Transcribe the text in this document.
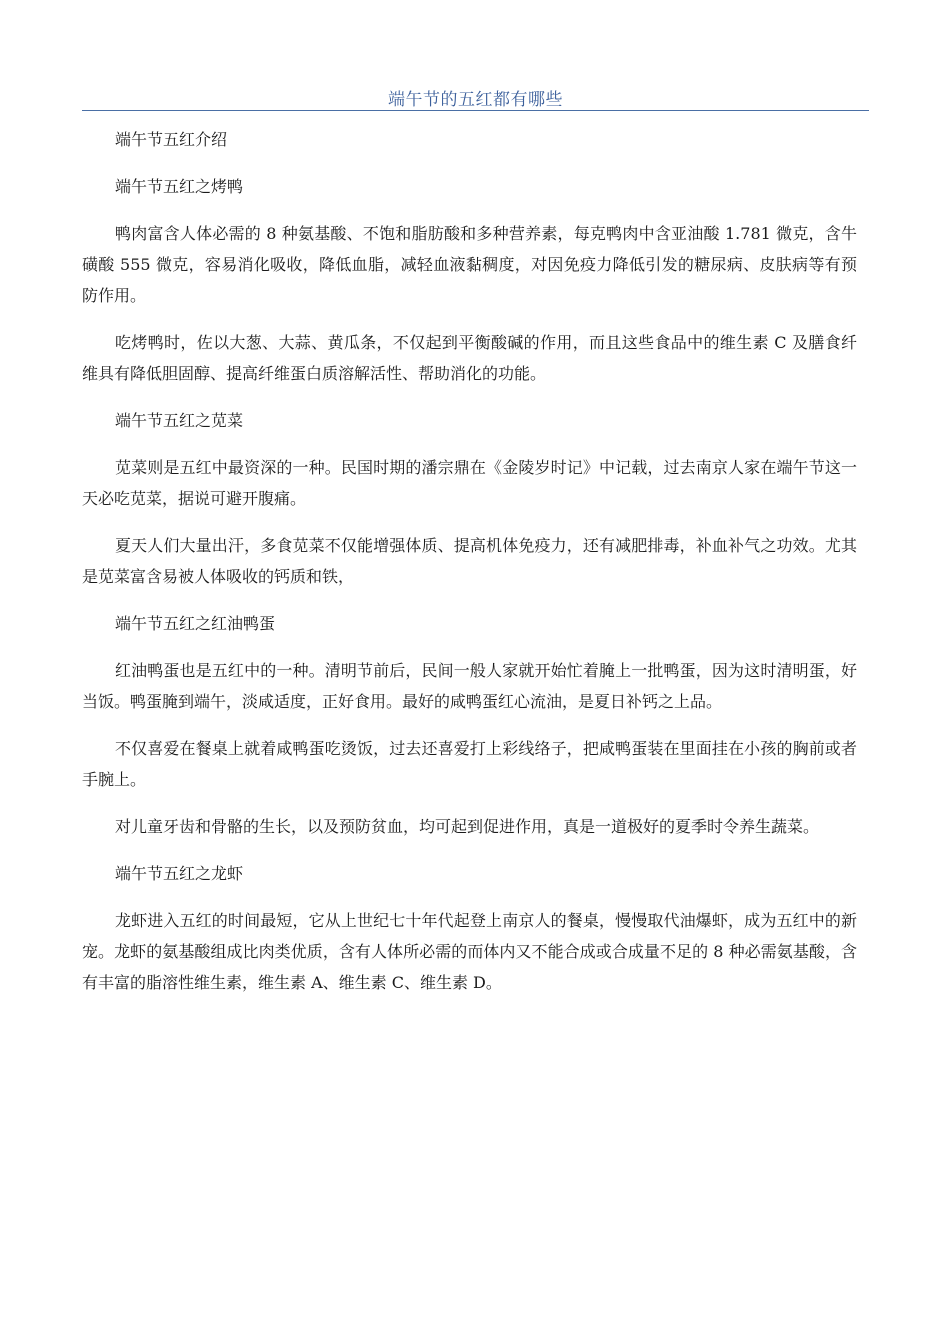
端午节的五红都有哪些

端午节五红介绍

端午节五红之烤鸭

鸭肉富含人体必需的 8 种氨基酸、不饱和脂肪酸和多种营养素，每克鸭肉中含亚油酸 1.781 微克，含牛磺酸 555 微克，容易消化吸收，降低血脂，减轻血液黏稠度，对因免疫力降低引发的糖尿病、皮肤病等有预防作用。

吃烤鸭时，佐以大葱、大蒜、黄瓜条，不仅起到平衡酸碱的作用，而且这些食品中的维生素 C 及膳食纤维具有降低胆固醇、提高纤维蛋白质溶解活性、帮助消化的功能。

端午节五红之苋菜

苋菜则是五红中最资深的一种。民国时期的潘宗鼎在《金陵岁时记》中记载，过去南京人家在端午节这一天必吃苋菜，据说可避开腹痛。

夏天人们大量出汗，多食苋菜不仅能增强体质、提高机体免疫力，还有减肥排毒，补血补气之功效。尤其是苋菜富含易被人体吸收的钙质和铁，

端午节五红之红油鸭蛋

红油鸭蛋也是五红中的一种。清明节前后，民间一般人家就开始忙着腌上一批鸭蛋，因为这时清明蛋，好当饭。鸭蛋腌到端午，淡咸适度，正好食用。最好的咸鸭蛋红心流油，是夏日补钙之上品。

不仅喜爱在餐桌上就着咸鸭蛋吃烫饭，过去还喜爱打上彩线络子，把咸鸭蛋装在里面挂在小孩的胸前或者手腕上。

对儿童牙齿和骨骼的生长，以及预防贫血，均可起到促进作用，真是一道极好的夏季时令养生蔬菜。

端午节五红之龙虾

龙虾进入五红的时间最短，它从上世纪七十年代起登上南京人的餐桌，慢慢取代油爆虾，成为五红中的新宠。龙虾的氨基酸组成比肉类优质，含有人体所必需的而体内又不能合成或合成量不足的 8 种必需氨基酸，含有丰富的脂溶性维生素，维生素 A、维生素 C、维生素 D。
